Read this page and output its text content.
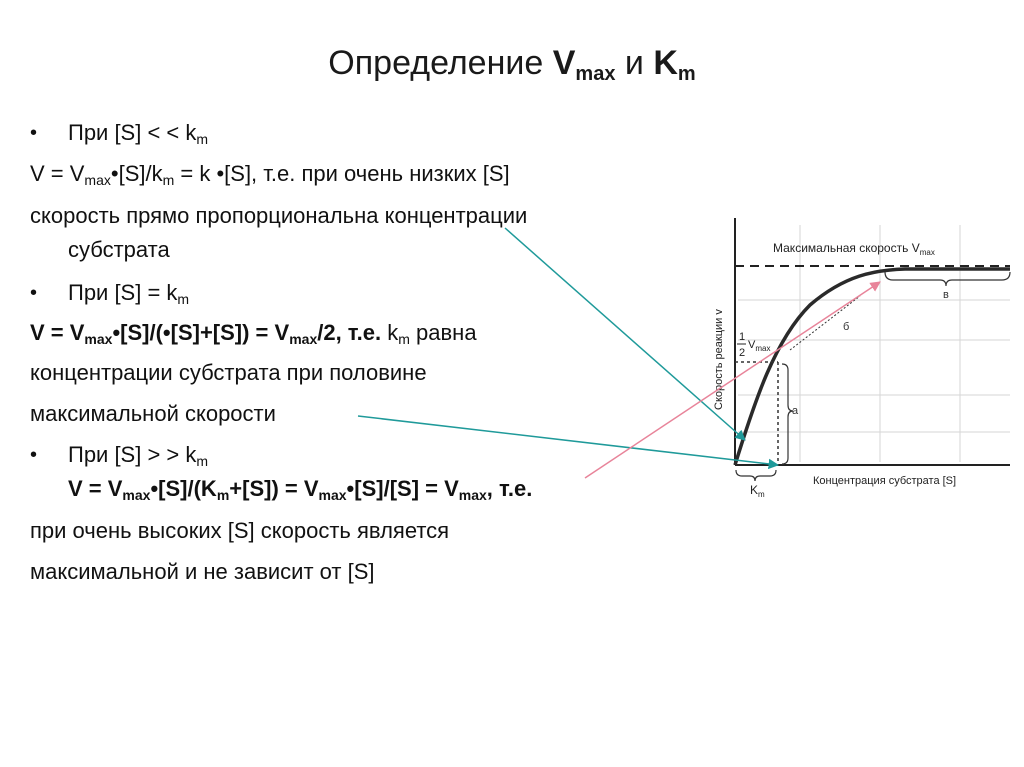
Определение $V_{max}$ и $K_m$
• При [S] < < $k_m$
$V = V_{max}•[S]/k_m = k$ •[S], т.е. при очень низких [S]
скорость прямо пропорциональна концентрации
субстрата
• При $[S] = k_m$
$V = V_{max}•[S]/(•[S]+[S]) = V_{max}/2$, т.е. $k_m$ равна
концентрации субстрата при половине
максимальной скорости
• При [S] > > $k_m$
$V = V_{max}•[S]/(K_m+[S])$ = $V_{max}•[S]/[S] = V_{max}$, т.е.
при очень высоких [S] скорость является
максимальной и не зависит от [S]
а
б
в
Максимальная скорость $V_{max}$
Скорость реакции v
Концентрация субстрата [S]
1
2
$V_{max}$
$K_m$
